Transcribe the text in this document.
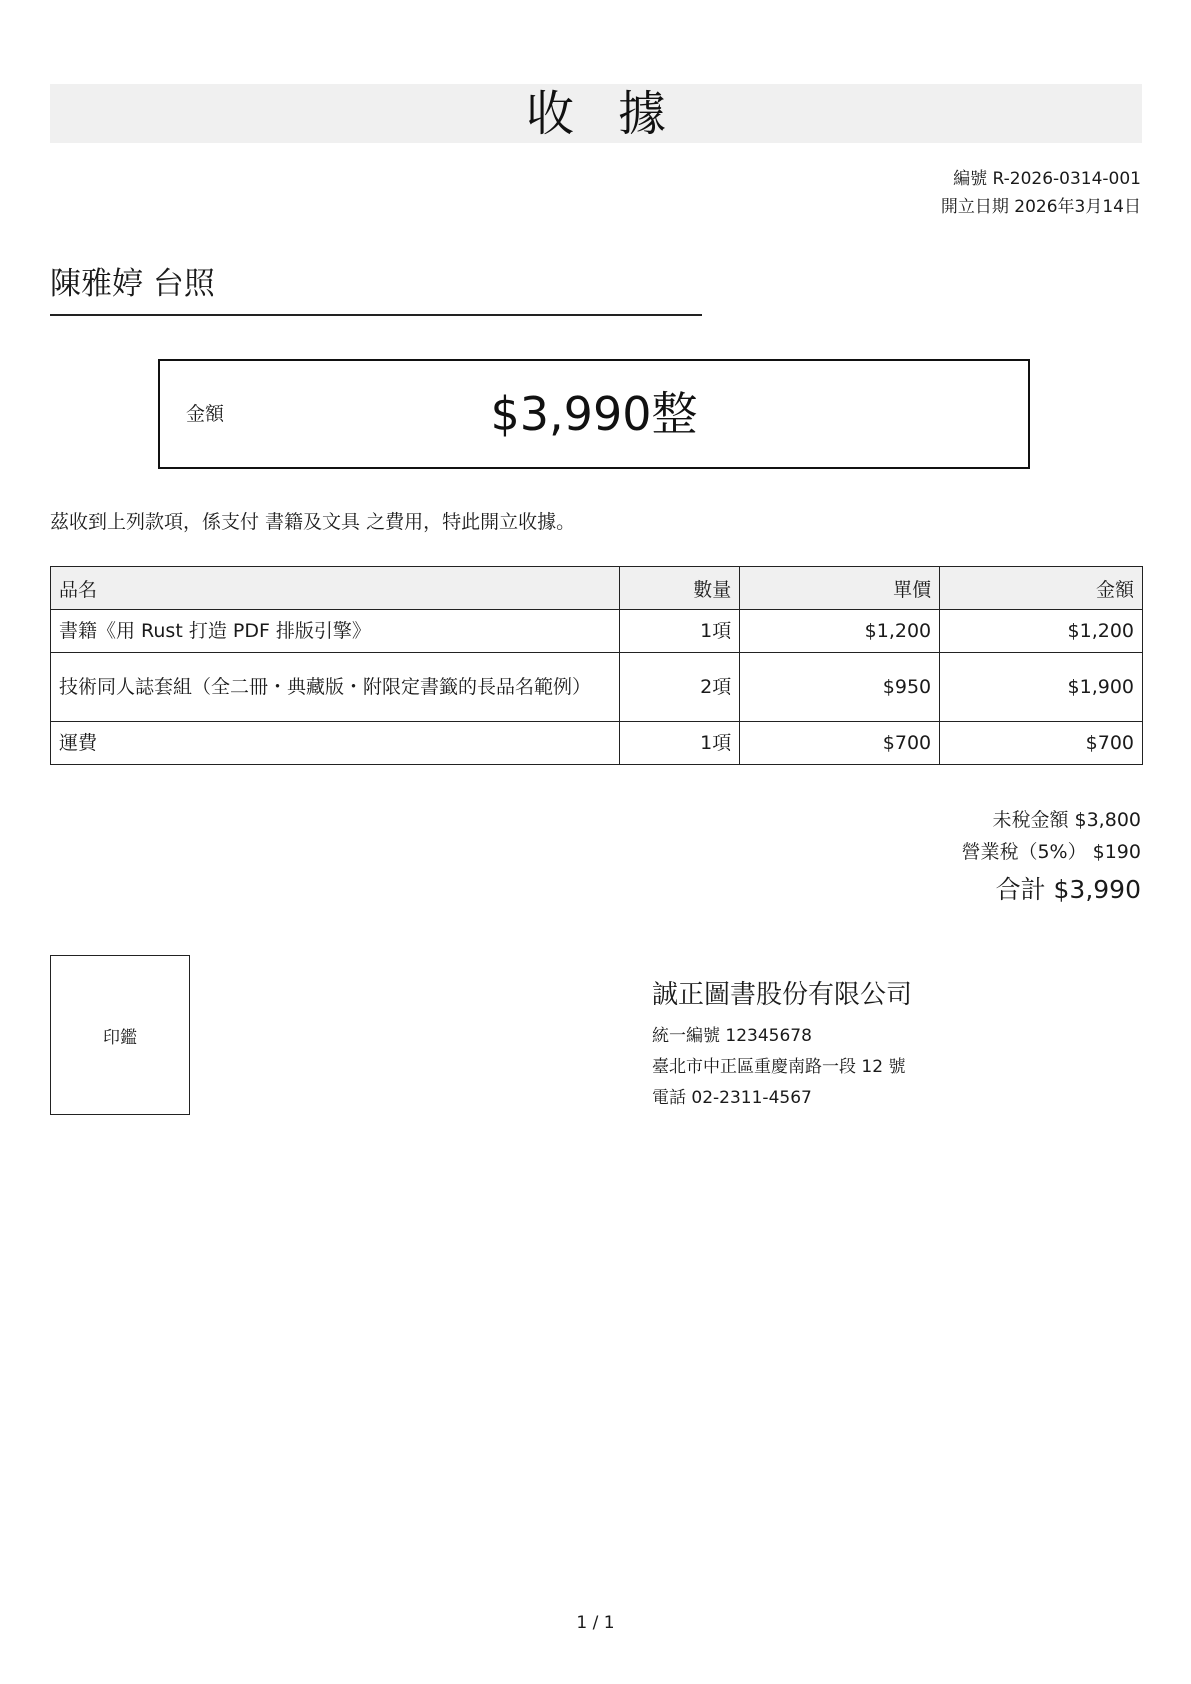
收據
編號 R-2026-0314-001
開立日期 2026年3月14日
陳雅婷 台照
金額	$3,990整
茲收到上列款項，係支付 書籍及文具 之費用，特此開立收據。
品名	數量	單價	金額
書籍《用 Rust 打造 PDF 排版引擎》	1項	$1,200	$1,200
技術同人誌套組（全二冊・典藏版・附限定書籤的長品名範例）	2項	$950	$1,900
運費	1項	$700	$700
未稅金額 $3,800
營業稅（5%） $190
合計 $3,990
印鑑
誠正圖書股份有限公司
統一編號 12345678
臺北市中正區重慶南路一段 12 號
電話 02-2311-4567
1 / 1
